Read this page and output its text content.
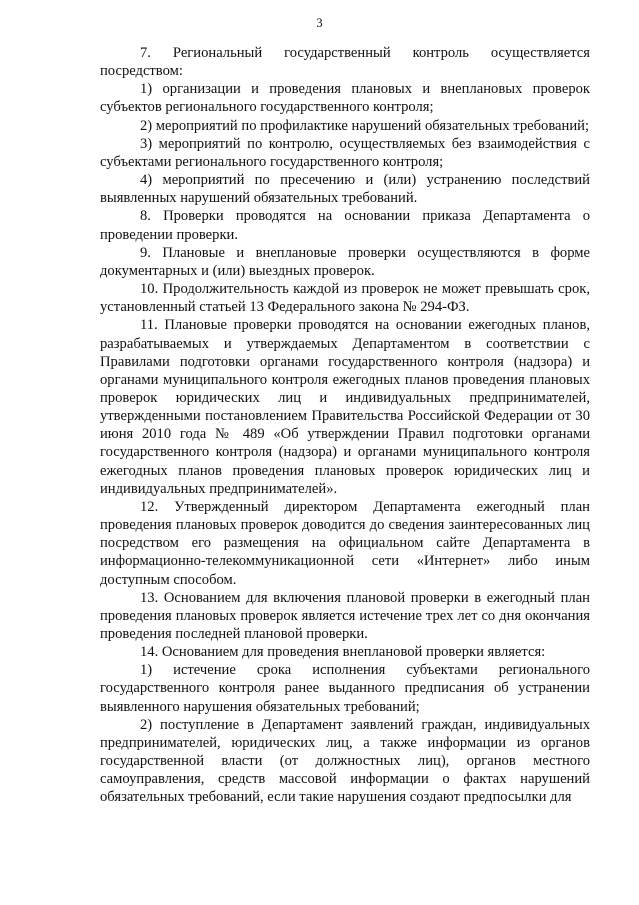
3

7. Региональный государственный контроль осуществляется посредством:

1) организации и проведения плановых и внеплановых проверок субъектов регионального государственного контроля;

2) мероприятий по профилактике нарушений обязательных требований;

3) мероприятий по контролю, осуществляемых без взаимодействия с субъектами регионального государственного контроля;

4) мероприятий по пресечению и (или) устранению последствий выявленных нарушений обязательных требований.

8. Проверки проводятся на основании приказа Департамента о проведении проверки.

9. Плановые и внеплановые проверки осуществляются в форме документарных и (или) выездных проверок.

10. Продолжительность каждой из проверок не может превышать срок, установленный статьей 13 Федерального закона № 294-ФЗ.

11. Плановые проверки проводятся на основании ежегодных планов, разрабатываемых и утверждаемых Департаментом в соответствии с Правилами подготовки органами государственного контроля (надзора) и органами муниципального контроля ежегодных планов проведения плановых проверок юридических лиц и индивидуальных предпринимателей, утвержденными постановлением Правительства Российской Федерации от 30 июня 2010 года № 489 «Об утверждении Правил подготовки органами государственного контроля (надзора) и органами муниципального контроля ежегодных планов проведения плановых проверок юридических лиц и индивидуальных предпринимателей».

12. Утвержденный директором Департамента ежегодный план проведения плановых проверок доводится до сведения заинтересованных лиц посредством его размещения на официальном сайте Департамента в информационно-телекоммуникационной сети «Интернет» либо иным доступным способом.

13. Основанием для включения плановой проверки в ежегодный план проведения плановых проверок является истечение трех лет со дня окончания проведения последней плановой проверки.

14. Основанием для проведения внеплановой проверки является:

1) истечение срока исполнения субъектами регионального государственного контроля ранее выданного предписания об устранении выявленного нарушения обязательных требований;

2) поступление в Департамент заявлений граждан, индивидуальных предпринимателей, юридических лиц, а также информации из органов государственной власти (от должностных лиц), органов местного самоуправления, средств массовой информации о фактах нарушений обязательных требований, если такие нарушения создают предпосылки для
